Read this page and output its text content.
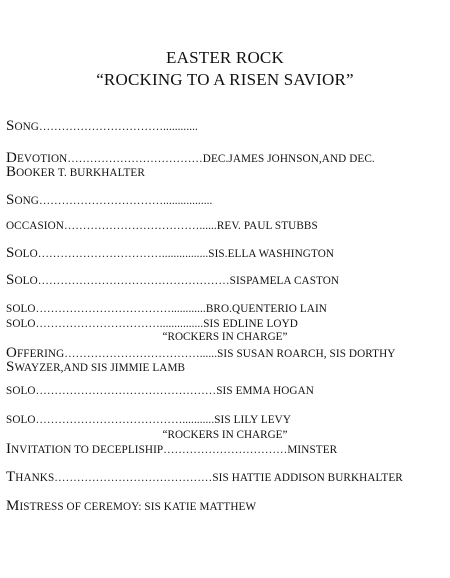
EASTER ROCK
“ROCKING TO A RISEN SAVIOR”
SONG……………………………............
DEVOTION………………………………DEC.JAMES JOHNSON,AND DEC.
BOOKER T. BURKHALTER
SONG…………………………….................
OCCASION………………………………......REV. PAUL STUBBS
SOLO……………………………................SIS.ELLA WASHINGTON
SOLO……………………………………………SISPAMELA CASTON
SOLO………………………………............BRO.QUENTERIO LAIN
SOLO……………………………...............SIS EDLINE LOYD
“ROCKERS IN CHARGE”
OFFERING………………………………......SIS SUSAN ROARCH, SIS DORTHY
SWAYZER,AND SIS JIMMIE LAMB
SOLO…………………………………………SIS EMMA HOGAN
SOLO…………………………………...........SIS LILY LEVY
“ROCKERS IN CHARGE”
INVITATION TO DECEPLISHIP……………………………MINSTER
THANKS……………………………………SIS HATTIE ADDISON BURKHALTER
MISTRESS OF CEREMOY: SIS KATIE MATTHEW
